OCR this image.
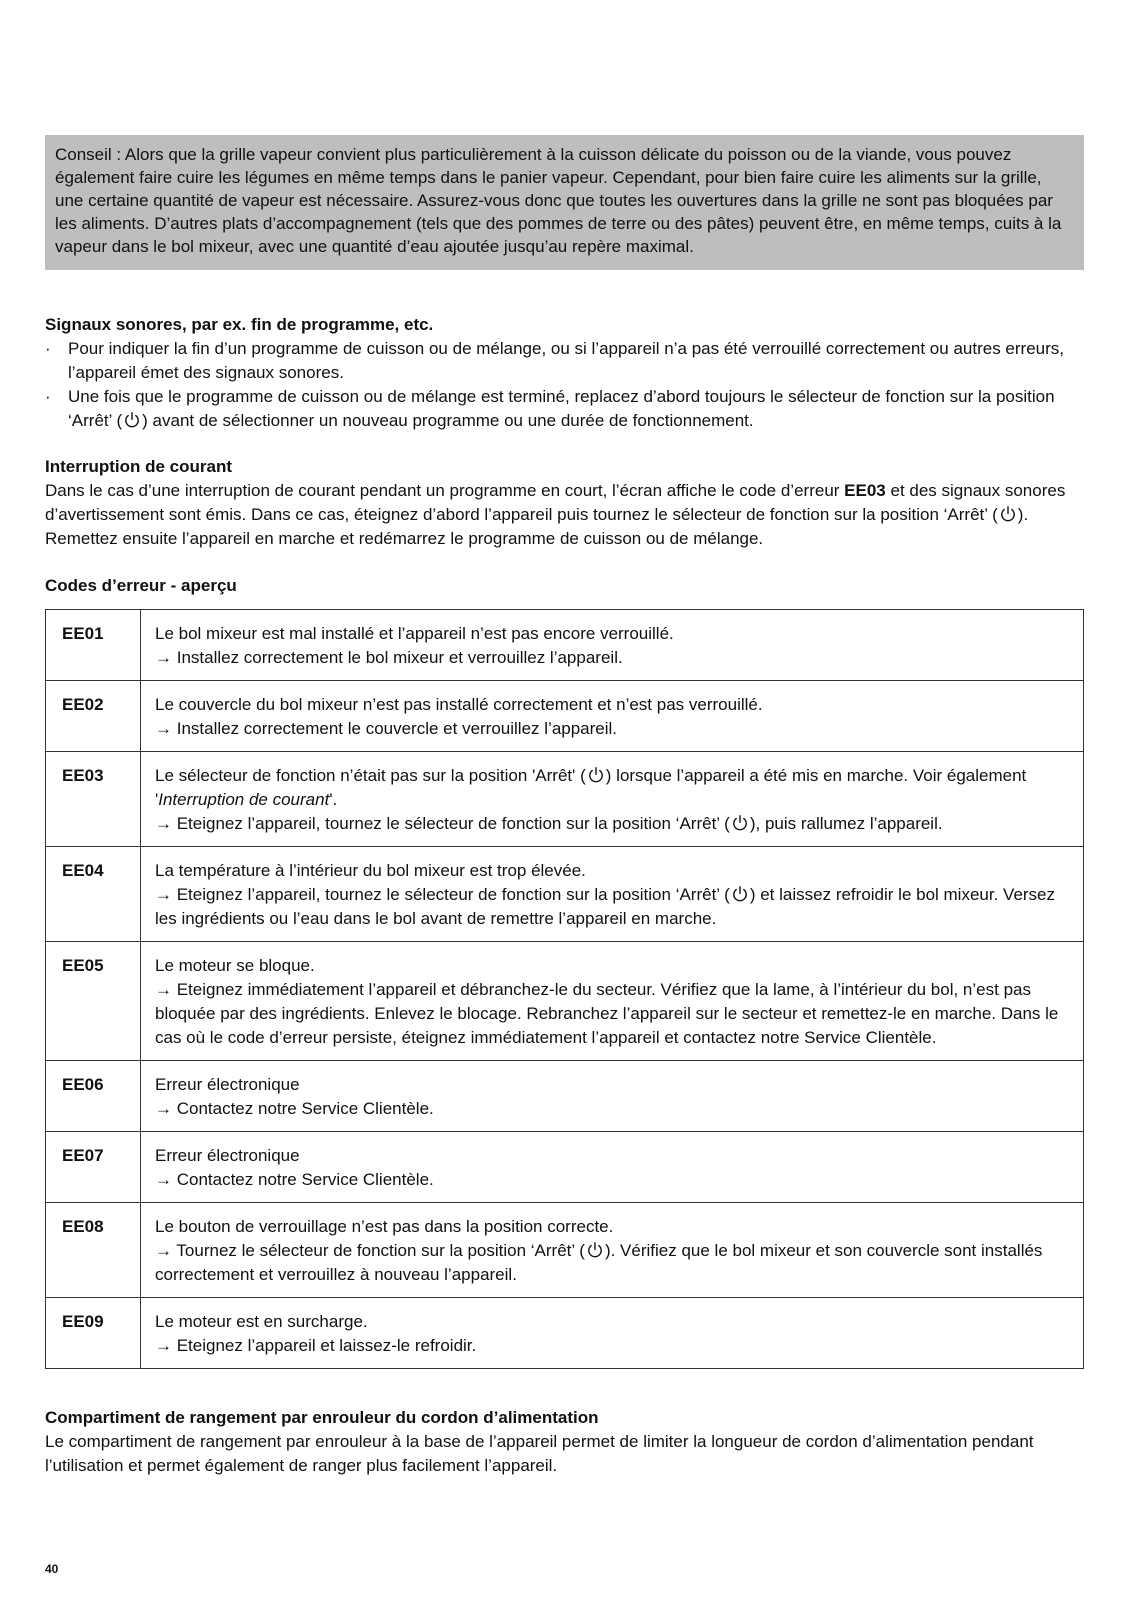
Conseil : Alors que la grille vapeur convient plus particulièrement à la cuisson délicate du poisson ou de la viande, vous pouvez également faire cuire les légumes en même temps dans le panier vapeur. Cependant, pour bien faire cuire les aliments sur la grille, une certaine quantité de vapeur est nécessaire. Assurez-vous donc que toutes les ouvertures dans la grille ne sont pas bloquées par les aliments. D’autres plats d’accompagnement (tels que des pommes de terre ou des pâtes) peuvent être, en même temps, cuits à la vapeur dans le bol mixeur, avec une quantité d’eau ajoutée jusqu’au repère maximal.
Signaux sonores, par ex. fin de programme, etc.
·	Pour indiquer la fin d’un programme de cuisson ou de mélange, ou si l’appareil n’a pas été verrouillé correctement ou autres erreurs, l’appareil émet des signaux sonores.
·	Une fois que le programme de cuisson ou de mélange est terminé, replacez d’abord toujours le sélecteur de fonction sur la position ‘Arrêt’ ( ) avant de sélectionner un nouveau programme ou une durée de fonctionnement.
Interruption de courant

Dans le cas d’une interruption de courant pendant un programme en court, l’écran affiche le code d’erreur EE03 et des signaux sonores d’avertissement sont émis. Dans ce cas, éteignez d’abord l’appareil puis tournez le sélecteur de fonction sur la position ‘Arrêt’ ( ). Remettez ensuite l’appareil en marche et redémarrez le programme de cuisson ou de mélange.

Codes d’erreur - aperçu
EE01	Le bol mixeur est mal installé et l’appareil n’est pas encore verrouillé.
→ Installez correctement le bol mixeur et verrouillez l’appareil.

EE02	Le couvercle du bol mixeur n’est pas installé correctement et n’est pas verrouillé.
→ Installez correctement le couvercle et verrouillez l’appareil.

EE03	Le sélecteur de fonction n’était pas sur la position 'Arrêt' ( ) lorsque l’appareil a été mis en marche. Voir également 'Interruption de courant'.
→ Eteignez l’appareil, tournez le sélecteur de fonction sur la position ‘Arrêt’ ( ), puis rallumez l’appareil.

EE04	La température à l’intérieur du bol mixeur est trop élevée.
→ Eteignez l’appareil, tournez le sélecteur de fonction sur la position ‘Arrêt’ ( ) et laissez refroidir le bol mixeur. Versez les ingrédients ou l’eau dans le bol avant de remettre l’appareil en marche.

EE05	Le moteur se bloque.
→ Eteignez immédiatement l’appareil et débranchez-le du secteur. Vérifiez que la lame, à l’intérieur du bol, n’est pas bloquée par des ingrédients. Enlevez le blocage. Rebranchez l’appareil sur le secteur et remettez-le en marche. Dans le cas où le code d’erreur persiste, éteignez immédiatement l’appareil et contactez notre Service Clientèle.

EE06	Erreur électronique
→ Contactez notre Service Clientèle.

EE07	Erreur électronique
→ Contactez notre Service Clientèle.

EE08	Le bouton de verrouillage n’est pas dans la position correcte.
→ Tournez le sélecteur de fonction sur la position ‘Arrêt’ ( ). Vérifiez que le bol mixeur et son couvercle sont installés correctement et verrouillez à nouveau l’appareil.

EE09	Le moteur est en surcharge.
→ Eteignez l’appareil et laissez-le refroidir.
Compartiment de rangement par enrouleur du cordon d’alimentation

Le compartiment de rangement par enrouleur à la base de l’appareil permet de limiter la longueur de cordon d’alimentation pendant l’utilisation et permet également de ranger plus facilement l’appareil.

40
